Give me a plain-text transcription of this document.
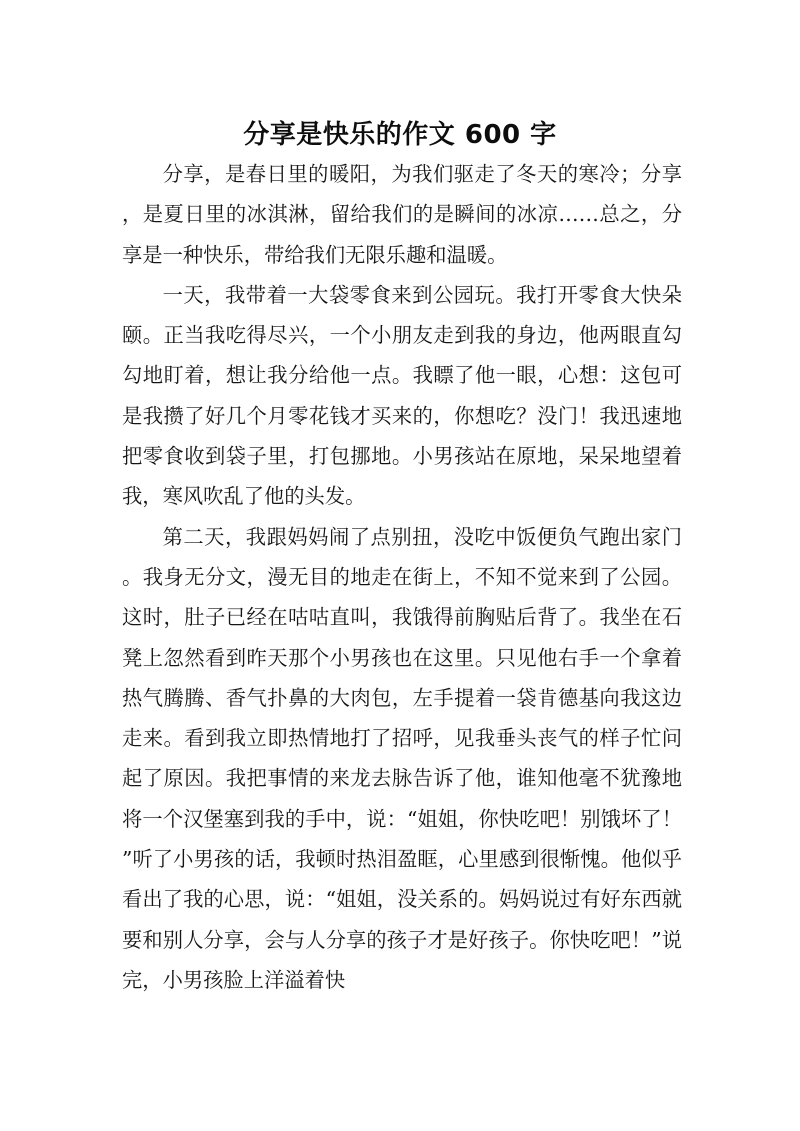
分享是快乐的作文 600 字

分享，是春日里的暖阳，为我们驱走了冬天的寒冷；分享，是夏日里的冰淇淋，留给我们的是瞬间的冰凉……总之，分享是一种快乐，带给我们无限乐趣和温暖。

一天，我带着一大袋零食来到公园玩。我打开零食大快朵颐。正当我吃得尽兴，一个小朋友走到我的身边，他两眼直勾勾地盯着，想让我分给他一点。我瞟了他一眼，心想：这包可是我攒了好几个月零花钱才买来的，你想吃？没门！我迅速地把零食收到袋子里，打包挪地。小男孩站在原地，呆呆地望着我，寒风吹乱了他的头发。

第二天，我跟妈妈闹了点别扭，没吃中饭便负气跑出家门。我身无分文，漫无目的地走在街上，不知不觉来到了公园。这时，肚子已经在咕咕直叫，我饿得前胸贴后背了。我坐在石凳上忽然看到昨天那个小男孩也在这里。只见他右手一个拿着热气腾腾、香气扑鼻的大肉包，左手提着一袋肯德基向我这边走来。看到我立即热情地打了招呼，见我垂头丧气的样子忙问起了原因。我把事情的来龙去脉告诉了他，谁知他毫不犹豫地将一个汉堡塞到我的手中，说：“姐姐，你快吃吧！别饿坏了！”听了小男孩的话，我顿时热泪盈眶，心里感到很惭愧。他似乎看出了我的心思，说：“姐姐，没关系的。妈妈说过有好东西就要和别人分享，会与人分享的孩子才是好孩子。你快吃吧！”说完，小男孩脸上洋溢着快
